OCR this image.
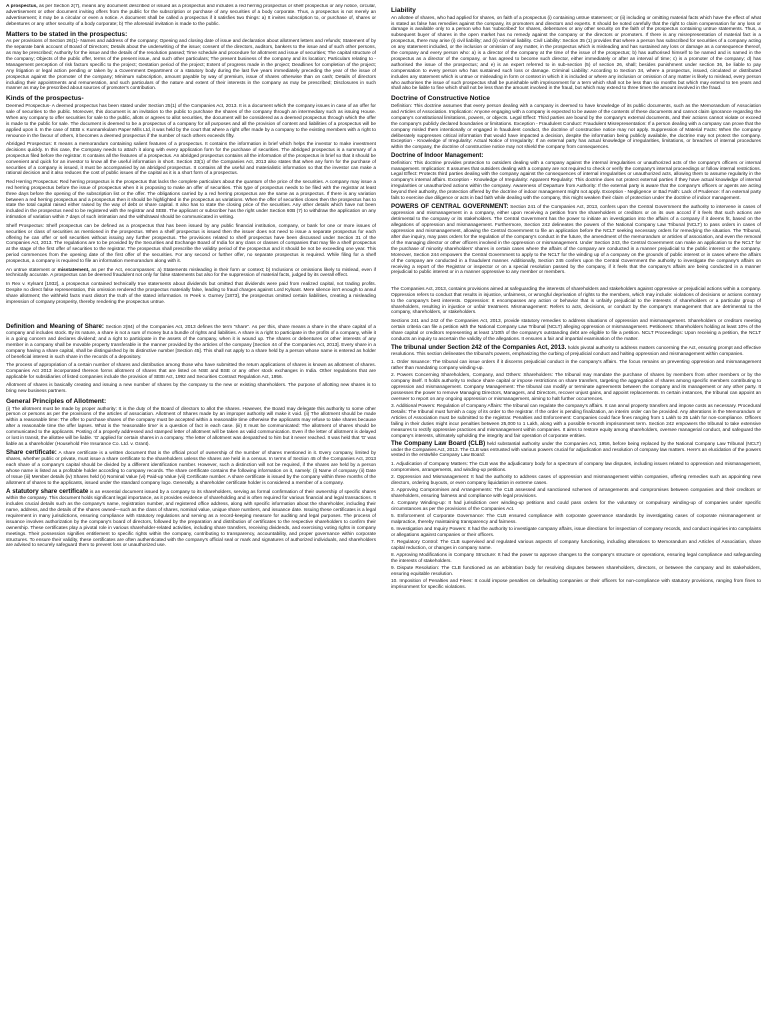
A prospectus, as per Section 2(7), means any document described or issued as a prospectus and includes a red herring prospectus or shelf prospectus or any notice, circular, advertisement or other document inviting offers from the public for the subscription or purchase of any securities of a body corporate. Thus, a prospectus is not merely an advertisement; it may be a circular or even a notice. A document shall be called a prospectus if it satisfies two things: a) It invites subscription to, or purchase of, shares or debentures or any other security of a body corporate; b) The aforesaid invitation is made to the public.

Matters to be stated in the prospectus:

As per provisions of Section 26(1)- Names and address of the company; Opening and closing date of issue and declaration about allotment letters and refunds; Statement of by the separate bank account of Board of Directors; Details about the underwriting of the issue; consent of the directors, auditors, bankers to the issue and of such other persons, as may be prescribed; Authority for the issue and the details of the resolution passed; Time schedule and procedure for allotment and issue of securities; The capital structure of the company; Objects of the public offer, terms of the present issue, and such other particulars; The present business of the company and its location; Particulars relating to - Management perception of risk factors specific to the project; Gestation period of the project; Extent of progress made in the project; Deadlines for completion of the project; Any litigation or legal action pending or taken by a Government Department or a statutory body during the last five years immediately preceding the year of the issue of prospectus against the promoter of the company; Minimum subscription, amount payable by way of premium, issue of shares otherwise than on cash; Details of directors including their appointments and remuneration, and such particulars of the nature and extent of their interests in the company as may be prescribed; Disclosures in such manner as may be prescribed about sources of promoter's contribution.

Kinds of the prospectus-

Deemed Prospectus- A deemed prospectus has been stated under Section 25(1) of the Companies Act, 2013. It is a document which the company issues in case of an offer for sale of securities to the public. Moreover, this document is an invitation to the public to purchase the shares of the company through an intermediary such as issuing House. When any company to offer securities for sale to the public, allots or agrees to allot securities, the document will be considered as a deemed prospectus through which the offer is made to the public for sale. The document is deemed to be a prospectus of a company for all purposes and all the provision of content and liabilities of a prospectus will be applied upon it. In the case of SEBI v. Kunnamkulam Paper Mills Ltd, it was held by the court that where a right offer made by a company to the existing members with a right to renounce in the favour of others, it becomes a deemed prospectus if the number of such others exceeds fifty.

Abridged Prospectus: It means a memorandum containing salient features of a prospectus. It contains the information in brief which helps the investor to make investment decisions quickly. In this case, the Company needs to attach it along with every application form for the purchase of securities. The abridged prospectus is a summary of a prospectus filed before the registrar. It contains all the features of a prospectus. An abridged prospectus contains all the information of the prospectus in brief so that it should be convenient and quick for an investor to know all the useful information in short. Section 33(1) of the Companies Act, 2013 also states that when any form for the purchase of securities of a company is issued, it must be accompanied by an abridged prospectus. It contains all the useful and materialistic information so that the investor can make a rational decision and it also reduces the cost of public issues of the capital as it is a short form of a prospectus.

Red Herring Prospectus: Red herring prospectus is the prospectus that lacks the complete particulars about the quantum of the price of the securities. A company may issue a red herring prospectus before the issue of prospectus when it is proposing to make an offer of securities. This type of prospectus needs to be filed with the registrar at least three days before the opening of the subscription list or the offer. The obligations carried by a red herring prospectus are the same as a prospectus. If there is any variation between a red herring prospectus and a prospectus then it should be highlighted in the prospectus as variations. When the offer of securities closes then the prospectus has to state the total capital raised either raised by the way of debt or share capital. It also has to state the closing price of the securities. Any other details which have not been included in the prospectus need to be registered with the registrar and SEBI. The applicant or subscriber has the right under Section 60B (7) to withdraw the application on any intimation of variation within 7 days of such intimation and the withdrawal should be communicated in writing.

Shelf Prospectus: Shelf prospectus can be defined as a prospectus that has been issued by any public financial institution, company, or bank for one or more issues of securities or class of securities as mentioned in the prospectus. When a shelf prospectus is issued then the issuer does not need to issue a separate prospectus for each offering he can offer or sell securities without issuing any further prospectus. The provisions related to shelf prospectus have been discussed under Section 31 of the Companies Act, 2013. The regulations are to be provided by the Securities and Exchange Board of India for any class or classes of companies that may file a shelf prospectus at the stage of the first offer of securities to the registrar. The prospectus shall prescribe the validity period of the prospectus and it should be not be exceeding one year. This period commences from the opening date of the first offer of the securities. For any second or further offer, no separate prospectus is required. While filing for a shelf prospectus, a company is required to file an information memorandum along with it.

An untrue statement or misstatement, as per the Act, encompasses: a) Statements misleading in their form or context; b) Inclusions or omissions likely to mislead, even if technically accurate. A prospectus can be deemed fraudulent not only for false statements but also for the suppression of material facts, judged by its overall effect.

In Rex v. Kylsant [1932], a prospectus contained technically true statements about dividends but omitted that dividends were paid from realized capital, not trading profits. Despite no direct false representation, this omission rendered the prospectus materially false, leading to fraud charges against Lord Kylsant. Mere silence isn't enough to annul share allotment; the withheld facts must distort the truth of the stated information. In Peek v. Gurney [1873], the prospectus omitted certain liabilities, creating a misleading impression of company prosperity, thereby rendering the prospectus untrue.

Definition and Meaning of Share: Section 2(84) of the Companies Act, 2013 defines the term "share". As per this, share means a share in the share capital of a company and includes stock. By its nature, a share is not a sum of money but a bundle of rights and liabilities. A share is a right to participate in the profits of a company, while it is a going concern and declares dividend; and a right to participate in the assets of the company, when it is wound up. The shares or debentures or other interests of any member in a company shall be movable property transferable in the manner provided by the articles of the company [Section 44 of the Companies Act, 2013]. Every share in a company having a share capital, shall be distinguished by its distinctive number [Section 45]. This shall not apply to a share held by a person whose name is entered as holder of beneficial interest in such share in the records of a depository.

The process of appropriation of a certain number of shares and distribution among those who have submitted the return applications of shares is known as allotment of shares. Companies Act 2013 incorporated thereon forms allotment of shares that are listed on NSE and BSE or any other stock exchanges in India. Other regulations that are applicable for subsidiaries of listed companies include the provision of SEBI Act, 1992 and Securities Contract Regulation Act, 1956.

Allotment of shares is basically creating and issuing a new number of shares by the company to the new or existing shareholders. The purpose of allotting new shares is to bring new business partners.

General Principles of Allotment:

(i) The allotment must be made by proper authority: It is the duty of the Board of directors to allot the shares. However, the Board may delegate this authority to some other person or persons as per the provisions of the articles of association. Allotment of Shares made by an improper authority will make it void. (ii) The allotment should be made within a reasonable time: The offer to purchase shares of the company must be accepted within a reasonable time otherwise the applicants may refuse to take shares because after a reasonable time the offer lapses. What is the 'reasonable time' is a question of fact in each case. (iii) It must be communicated: The allotment of shares should be communicated to the applicants. Posting of a properly addressed and stamped letter of allotment will be taken as valid communication. Even if the letter of allotment is delayed or lost in transit, the allottee will be liable. 'G' applied for certain shares in a company. The letter of allotment was despatched to him but it never reached. It was held that 'G' was liable as a shareholder (Household Fire Insurance Co. Ltd. v. Grant).

Share certificate: A share certificate is a written document that is the official proof of ownership of the number of shares mentioned in it. Every company, limited by shares, whether public or private, must issue a share certificate to the shareholders unless the shares are held in a census. In terms of Section 45 of the Companies Act, 2013 each share of a company's capital should be divided by a different identification number. However, such a distinction will not be required, if the shares are held by a person whose name is listed as a profitable holder according to company records. The share certificate contains the following information on it, namely: (i) Name of company (ii) Date of Issue (iii) Member details (iv) Shares held (v) Nominal Value (vi) Paid-up Value (vii) Certificate number. A share certificate is issued by the company within three months of the allotment of shares to the applicants, issued under the standard company logo. Generally, a shareholder certificate holder is considered a member of a company.

A statutory share certificate is an essential document issued by a company to its shareholders, serving as formal confirmation of their ownership of specific shares within the company. This document holds significant legal importance, as it provides evidence of shareholding and is often required for various financial and legal transactions. It includes crucial details such as the company's name, registration number, and registered office address, along with specific information about the shareholder, including their name, address, and the details of the shares owned—such as the class of shares, nominal value, unique share numbers, and issuance date. Issuing these certificates is a legal requirement in many jurisdictions, ensuring compliance with statutory regulations and serving as a record-keeping measure for auditing and legal purposes. The process of issuance involves authorization by the company's board of directors, followed by the preparation and distribution of certificates to the respective shareholders to confirm their ownership. These certificates play a pivotal role in various shareholder-related activities, including share transfers, receiving dividends, and exercising voting rights in company meetings. Their possession signifies entitlement to specific rights within the company, contributing to transparency, accountability, and proper governance within corporate structures. To ensure their validity, these certificates are often authenticated with the company's official seal or mark and signatures of authorized individuals, and shareholders are advised to securely safeguard them to prevent loss or unauthorized use.

Liability

An allottee of shares, who had applied for shares, on faith of a prospectus (i) containing untrue statement; or (ii) including or omitting material facts which have the effect of what is stated as false has remedies against the company, its promoters and directors and experts. It should be noted carefully that the right to claim compensation for any loss or damage is available only to a person who has 'subscribed' for shares, debentures or any other security on the faith of the prospectus containing untrue statements. Thus, a subsequent buyer of shares in the open market has no remedy against the company or the directors or promoters. If there is any misrepresentation of material fact in a prospectus, there may arise (i) civil liability; and (ii) criminal liability. Civil Liability: Section 35 (1) provides that where a person has subscribed for securities of a company acting on any statement included, or the inclusion or omission of any matter, in the prospectus which is misleading and has sustained any loss or damage as a consequence thereof, the company and every person who: a) is a director of the company at the time of the issue of the prospectus; b) has authorised himself to be named and is named in the prospectus as a director of the company, or has agreed to become such director, either immediately or after an interval of time; c) is a promoter of the company; d) has authorised the issue of the prospectus; and e) is an expert referred to in sub-section (5) of section 26, shall; besides punishment under section 36, be liable to pay compensation to every person who has sustained such loss or damage. Criminal Liability: According to Section 34, where a prospectus, issued, circulated or distributed includes any statement which is untrue or misleading in form or context in which it is included or where any inclusion or omission of any matter is likely to mislead, every person who authorises the issue of such prospectus shall be punishable with imprisonment for a term which shall not be less than six months but which may extend to ten years and shall also be liable to fine which shall not be less than the amount involved in the fraud, but which may extend to three times the amount involved in the fraud.

Doctrine of Constructive Notice

Definition: This doctrine assumes that every person dealing with a company is deemed to have knowledge of its public documents, such as the Memorandum of Association and Articles of Association. Implication: Anyone engaging with a company is expected to be aware of the contents of these documents and cannot claim ignorance regarding the company's constitutional limitations, powers, or objects. Legal Effect: Third parties are bound by the company's external documents, and their actions cannot violate or exceed the company's publicly declared boundaries or limitations. Exception - Fraudulent Conduct: Fraudulent Misrepresentation: If a person dealing with a company can prove that the company misled them intentionally or engaged in fraudulent conduct, the doctrine of constructive notice may not apply. Suppression of Material Facts: When the company deliberately suppresses critical information that would have impacted a decision, despite the information being publicly available, the doctrine may not protect the company. Exception - Knowledge of Irregularity: Actual Notice of Irregularity: If an external party has actual knowledge of irregularities, limitations, or breaches of internal procedures within the company, the doctrine of constructive notice may not shield the company from consequences.

Doctrine of Indoor Management:

Definition: This doctrine provides protection to outsiders dealing with a company against the internal irregularities or unauthorized acts of the company's officers or internal management. Implication: It assumes that outsiders dealing with a company are not required to check or verify the company's internal proceedings or follow internal restrictions. Legal Effect: Protects third parties dealing with the company against the consequences of internal irregularities or unauthorized acts, allowing them to assume regularity in the company's internal affairs. Exception - Knowledge of Irregularity: Apparent Regularity: This doctrine does not protect external parties if they have actual knowledge of internal irregularities or unauthorized actions within the company. Awareness of Departure from Authority: If the external party is aware that the company's officers or agents are acting beyond their authority, the protection offered by the doctrine of indoor management might not apply. Exception - Negligence or Bad Faith: Lack of Prudence: If an external party fails to exercise due diligence or acts in bad faith while dealing with the company, this might weaken their claim of protection under the doctrine of indoor management.

POWERS OF CENTRAL GOVERNMENT: Section 241 of the Companies Act, 2013, confers upon the Central Government the authority to intervene in cases of oppression and mismanagement in a company, either upon receiving a petition from the shareholders or creditors or on its own accord if it feels that such actions are detrimental to the company or its stakeholders. The Central Government has the power to initiate an investigation into the affairs of a company if it deems fit, based on the allegations of oppression and mismanagement. Furthermore, Section 242 delineates the powers of the National Company Law Tribunal (NCLT) to pass orders in cases of oppression and mismanagement, allowing the Central Government to file an application before the NCLT seeking necessary orders for remedying the situation. The Tribunal, after due inquiry, may pass orders for the regulation of the company's conduct in the future, the amendment of the memorandum or articles of association, and even the removal of the managing director or other officers involved in the oppression or mismanagement. Under Section 243, the Central Government can make an application to the NCLT for the purchase of minority shareholders' shares in certain cases where the affairs of the company are conducted in a manner prejudicial to the public interest or the company. Moreover, Section 244 empowers the Central Government to apply to the NCLT for the winding up of a company on the grounds of public interest or in cases where the affairs of the company are conducted in a fraudulent manner. Additionally, Section 245 confers upon the Central Government the authority to investigate the company's affairs on receiving a report of the Registrar or inspector or on a special resolution passed by the company, if it feels that the company's affairs are being conducted in a manner prejudicial to public interest or in a manner oppressive to any member or members.

The Companies Act, 2013, contains provisions aimed at safeguarding the interests of shareholders and stakeholders against oppressive or prejudicial actions within a company. Oppression refers to conduct that results in injustice, unfairness, or wrongful deprivation of rights to the members, which may include: violations of decisions or actions contrary to the company's best interests. Oppression: It encompasses any action or behavior that is unfairly prejudicial to the interests of shareholders or a particular group of shareholders, resulting in injustice or unfair treatment. Mismanagement: Refers to acts, decisions, or conduct by the company's management that are detrimental to the company, shareholders, or stakeholders.

Sections 241 and 242 of the Companies Act, 2013, provide statutory remedies to address situations of oppression and mismanagement. Shareholders or creditors meeting certain criteria can file a petition with the National Company Law Tribunal (NCLT) alleging oppression or mismanagement. Petitioners: Shareholders holding at least 10% of the share capital or creditors representing at least 1/10th of the company's outstanding debt are eligible to file a petition. NCLT Proceedings: Upon receiving a petition, the NCLT conducts an inquiry to ascertain the validity of the allegations. It ensures a fair and impartial examination of the matter.

The tribunal under Section 242 of the Companies Act, 2013. holds pivotal authority to address matters concerning the Act, ensuring prompt and effective resolutions. This section delineates the tribunal's powers, emphasizing the curbing of prejudicial conduct and halting oppression and mismanagement within companies.

1. Order Issuance: The tribunal can issue orders if it discerns prejudicial conduct in the company's affairs. The focus remains on preventing oppression and mismanagement rather than mandating company winding-up.

2. Powers Concerning Shareholders, Company, and Others: Shareholders: The tribunal may mandate the purchase of shares by members from other members or by the company itself. It holds authority to reduce share capital or impose restrictions on share transfers, targeting the aggregation of shares among specific members contributing to oppression and mismanagement. Company Management: The tribunal can modify or terminate agreements between the company and its management or any other party. It possesses the power to remove Managing Directors, Managers, and Directors, recover unjust gains, and appoint replacements. In certain instances, the tribunal can appoint an overseer to report on any ongoing oppression or mismanagement, aiming to halt further occurrences.

3. Additional Powers: Regulation of Company Affairs: The tribunal can regulate the company's affairs. It can annul property transfers and impose costs as necessary. Procedural Details: The tribunal must furnish a copy of its order to the registrar. If the order is pending finalization, an interim order can be provided. Any alterations in the Memorandum or Articles of Association must be submitted to the registrar. Penalties and Enforcement: Companies could face fines ranging from 1 Lakh to 25 Lakh for non-compliance. Officers failing in their duties might incur penalties between 25,000 to 1 Lakh, along with a possible 6-month imprisonment term. Section 242 empowers the tribunal to take extensive measures to rectify oppressive practices and mismanagement within companies. It aims to restore equity among shareholders, oversee managerial conduct, and safeguard the company's interests, ultimately upholding the integrity and fair operation of corporate entities.

The Company Law Board (CLB) held substantial authority under the Companies Act, 1956, before being replaced by the National Company Law Tribunal (NCLT) under the Companies Act, 2013. The CLB was entrusted with various powers crucial for adjudication and resolution of company law matters. Here's an elucidation of the powers vested in the erstwhile Company Law Board:

1. Adjudication of Company Matters: The CLB was the adjudicatory body for a spectrum of company law disputes, including issues related to oppression and mismanagement, compromises, arrangements, and winding-up petitions.

2. Oppression and Mismanagement: It had the authority to address cases of oppression and mismanagement within companies, offering remedies such as appointing new directors, ordering buyouts, or even company liquidation in extreme cases.

3. Approving Compromises and Arrangements: The CLB assessed and sanctioned schemes of arrangements and compromises between companies and their creditors or shareholders, ensuring fairness and compliance with legal provisions.

4. Company Winding-up: It had jurisdiction over winding-up petitions and could pass orders for the voluntary or compulsory winding-up of companies under specific circumstances as per the provisions of the Companies Act.

5. Enforcement of Corporate Governance: The CLB ensured compliance with corporate governance standards by investigating cases of corporate mismanagement or malpractice, thereby maintaining transparency and fairness.

6. Investigation and Inquiry Powers: It had the authority to investigate company affairs, issue directions for inspection of company records, and conduct inquiries into complaints or allegations against companies or their officers.

7. Regulatory Control: The CLB supervised and regulated various aspects of company functioning, including alterations to Memorandum and Articles of Association, share capital reduction, or changes in company name.

8. Approving Modifications in Company Structure: It had the power to approve changes to the company's structure or operations, ensuring legal compliance and safeguarding the interests of stakeholders.

9. Dispute Resolution: The CLB functioned as an arbitration body for resolving disputes between shareholders, directors, or between the company and its stakeholders, ensuring equitable resolution.

10. Imposition of Penalties and Fines: It could impose penalties on defaulting companies or their officers for non-compliance with statutory provisions, ranging from fines to imprisonment for specific violations.
